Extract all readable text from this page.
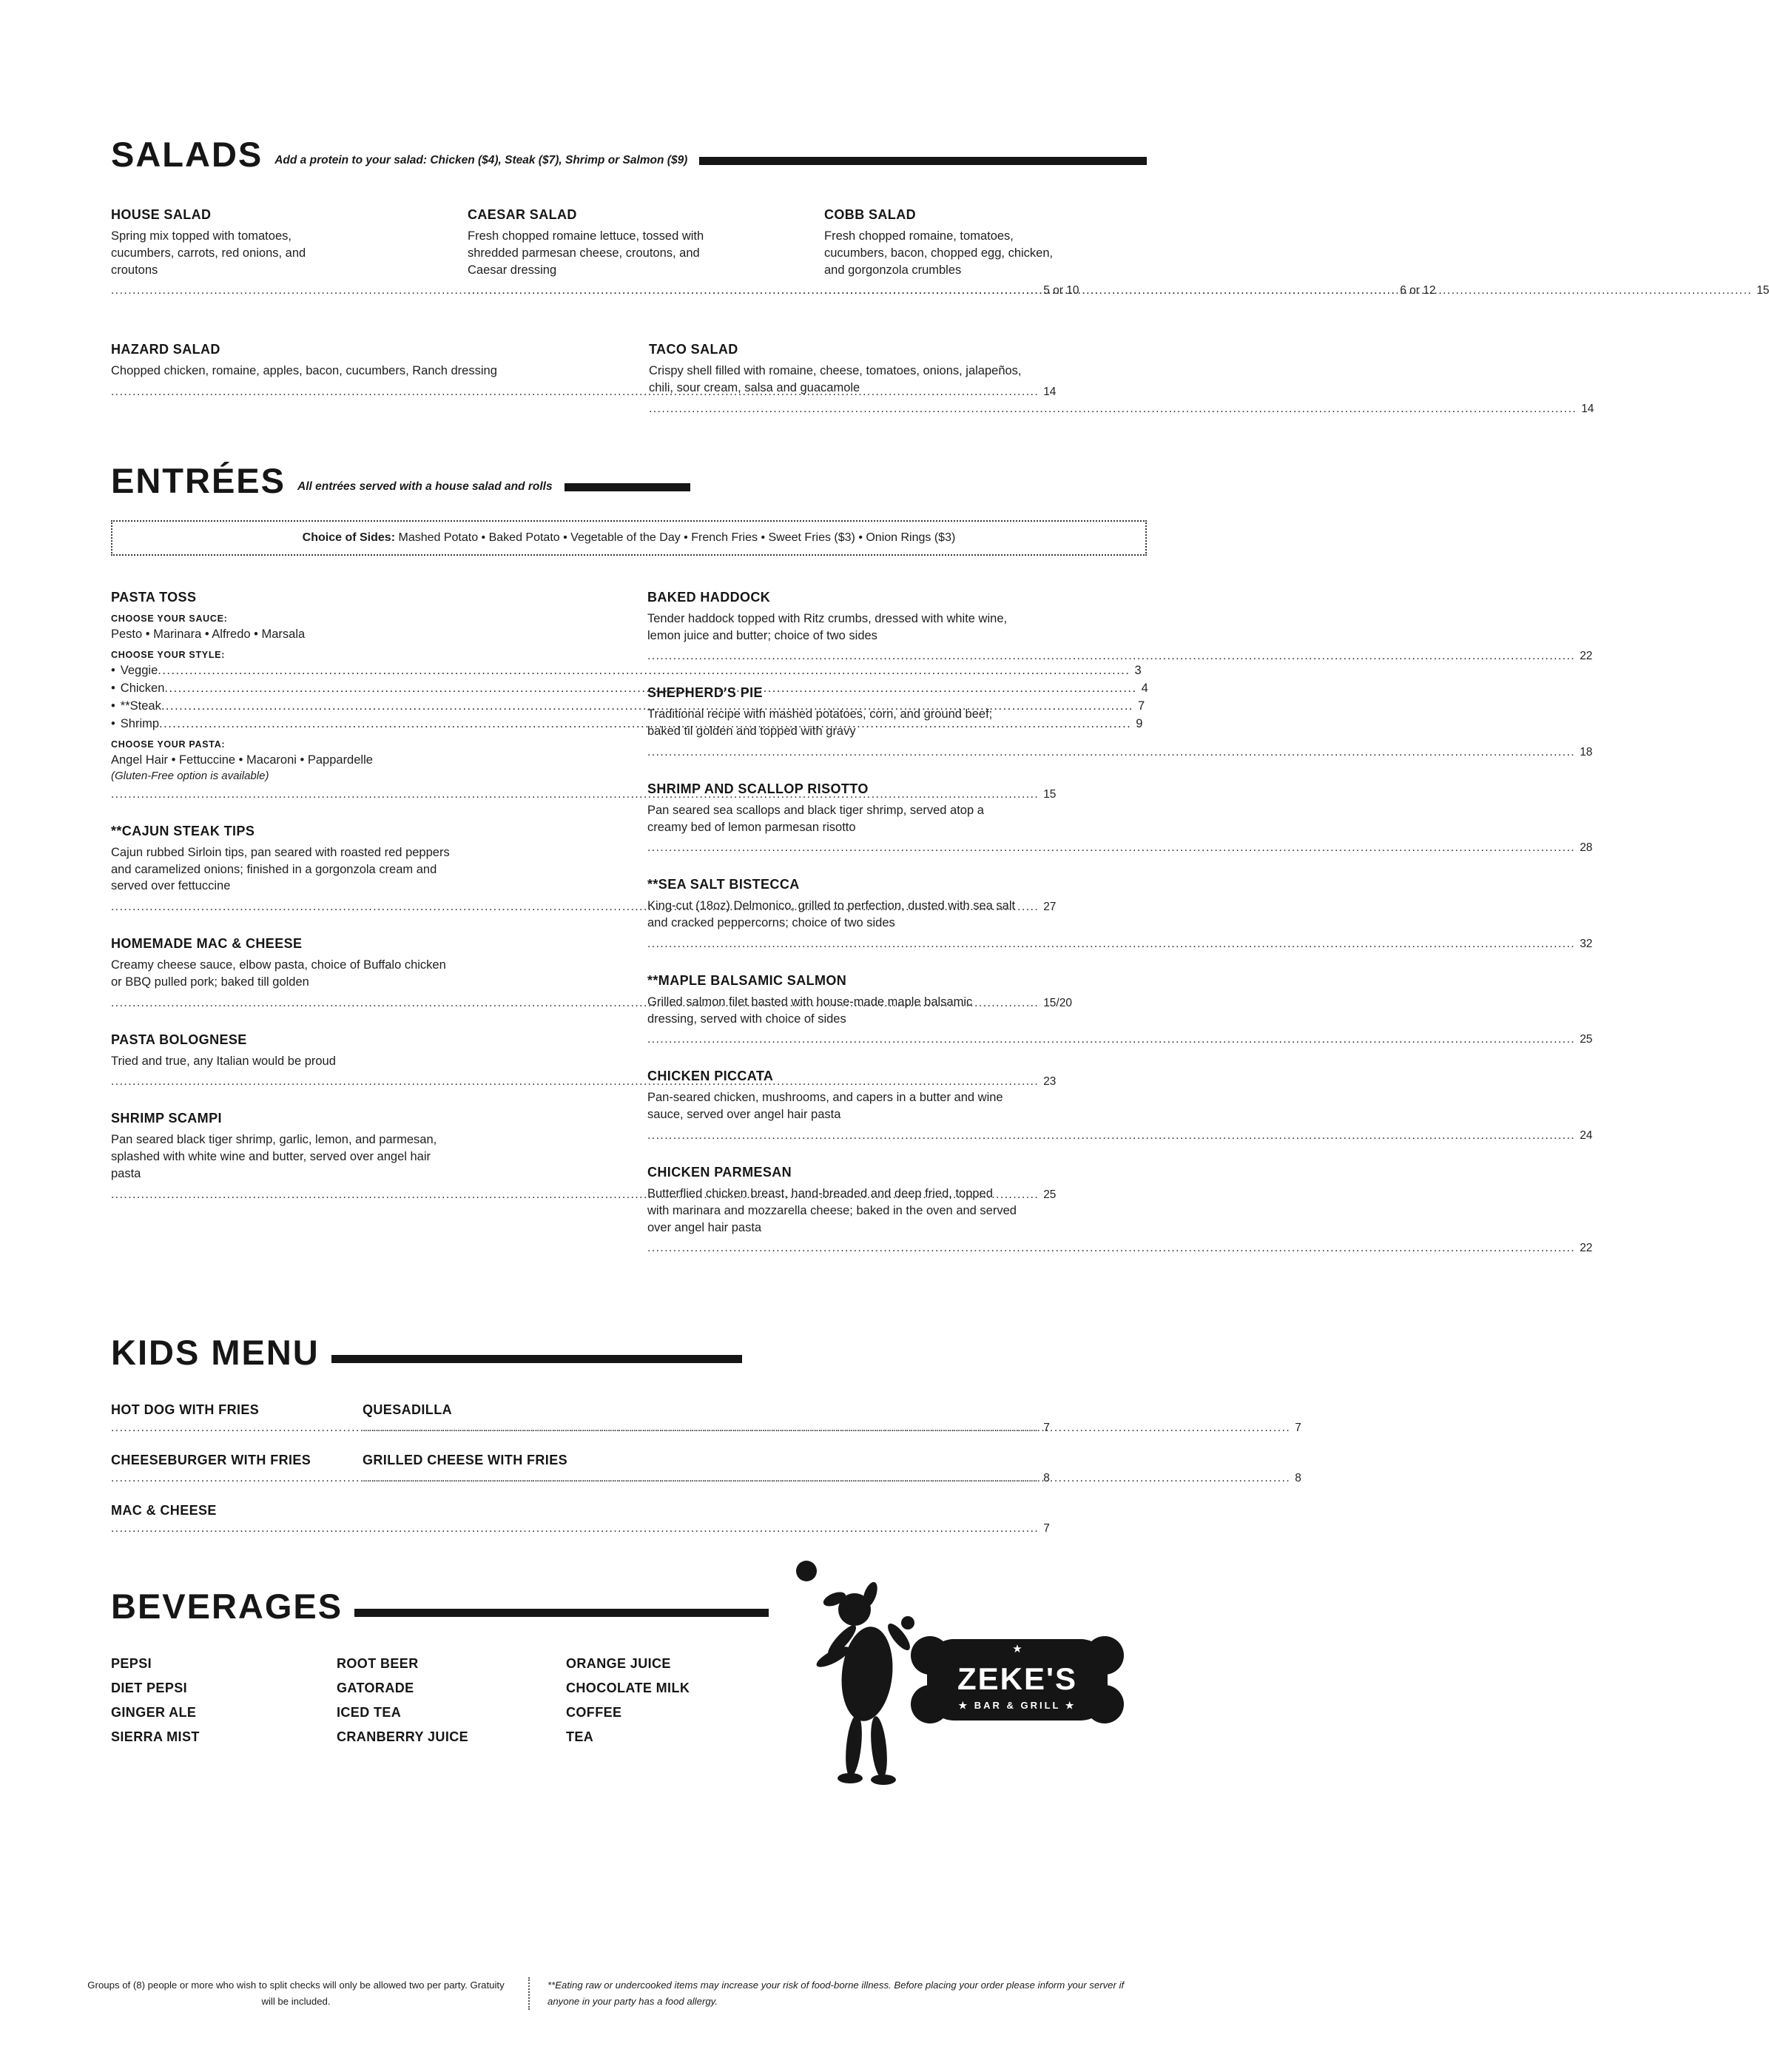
SALADS Add a protein to your salad: Chicken ($4), Steak ($7), Shrimp or Salmon ($9)
HOUSE SALAD

Spring mix topped with tomatoes, cucumbers, carrots, red onions, and croutons

.....
5 or 10
CAESAR SALAD

Fresh chopped romaine lettuce, tossed with shredded parmesan cheese, croutons, and Caesar dressing

.....
6 or 12
COBB SALAD

Fresh chopped romaine, tomatoes, cucumbers, bacon, chopped egg, chicken, and gorgonzola crumbles

.....
15
HAZARD SALAD

Chopped chicken, romaine, apples, bacon, cucumbers, Ranch dressing

.....
14
TACO SALAD

Crispy shell filled with romaine, cheese, tomatoes, onions, jalapeños, chili, sour cream, salsa and guacamole

.....
14
ENTRÉES All entrées served with a house salad and rolls
Choice of Sides: Mashed Potato • Baked Potato • Vegetable of the Day • French Fries • Sweet Fries ($3) • Onion Rings ($3)
PASTA TOSS
CHOOSE YOUR SAUCE:
Pesto • Marinara • Alfredo • Marsala
CHOOSE YOUR STYLE:
• Veggie .....	3
• Chicken .....	4
• **Steak .....	7
• Shrimp .....	9
CHOOSE YOUR PASTA:
Angel Hair • Fettuccine • Macaroni • Pappardelle
(Gluten-Free option is available)
.....
15
**CAJUN STEAK TIPS

Cajun rubbed Sirloin tips, pan seared with roasted red peppers and caramelized onions; finished in a gorgonzola cream and served over fettuccine

.....
27
HOMEMADE MAC & CHEESE

Creamy cheese sauce, elbow pasta, choice of Buffalo chicken or BBQ pulled pork; baked till golden

.....
15/20
PASTA BOLOGNESE

Tried and true, any Italian would be proud

.....
23
SHRIMP SCAMPI

Pan seared black tiger shrimp, garlic, lemon, and parmesan, splashed with white wine and butter, served over angel hair pasta

.....
25
BAKED HADDOCK

Tender haddock topped with Ritz crumbs, dressed with white wine, lemon juice and butter; choice of two sides

.....
22
SHEPHERD'S PIE

Traditional recipe with mashed potatoes, corn, and ground beef; baked til golden and topped with gravy

.....
18
SHRIMP AND SCALLOP RISOTTO

Pan seared sea scallops and black tiger shrimp, served atop a creamy bed of lemon parmesan risotto

.....
28
**SEA SALT BISTECCA

King-cut (18oz) Delmonico, grilled to perfection, dusted with sea salt and cracked peppercorns; choice of two sides

.....
32
**MAPLE BALSAMIC SALMON

Grilled salmon filet basted with house-made maple balsamic dressing, served with choice of sides

.....
25
CHICKEN PICCATA

Pan-seared chicken, mushrooms, and capers in a butter and wine sauce, served over angel hair pasta

.....
24
CHICKEN PARMESAN

Butterflied chicken breast, hand-breaded and deep fried, topped with marinara and mozzarella cheese; baked in the oven and served over angel hair pasta

.....
22
KIDS MENU
HOT DOG WITH FRIES
.....
7
CHEESEBURGER WITH FRIES
.....
8
MAC & CHEESE
.....
7
QUESADILLA
.....
7
GRILLED CHEESE WITH FRIES
.....
8
BEVERAGES
PEPSI
DIET PEPSI
GINGER ALE
SIERRA MIST
ROOT BEER
GATORADE
ICED TEA
CRANBERRY JUICE
ORANGE JUICE
CHOCOLATE MILK
COFFEE
TEA
★
ZEKE'S
★ BAR & GRILL ★
Groups of (8) people or more who wish to split checks will only be allowed two per party. Gratuity will be included.
**Eating raw or undercooked items may increase your risk of food-borne illness. Before placing your order please inform your server if anyone in your party has a food allergy.
